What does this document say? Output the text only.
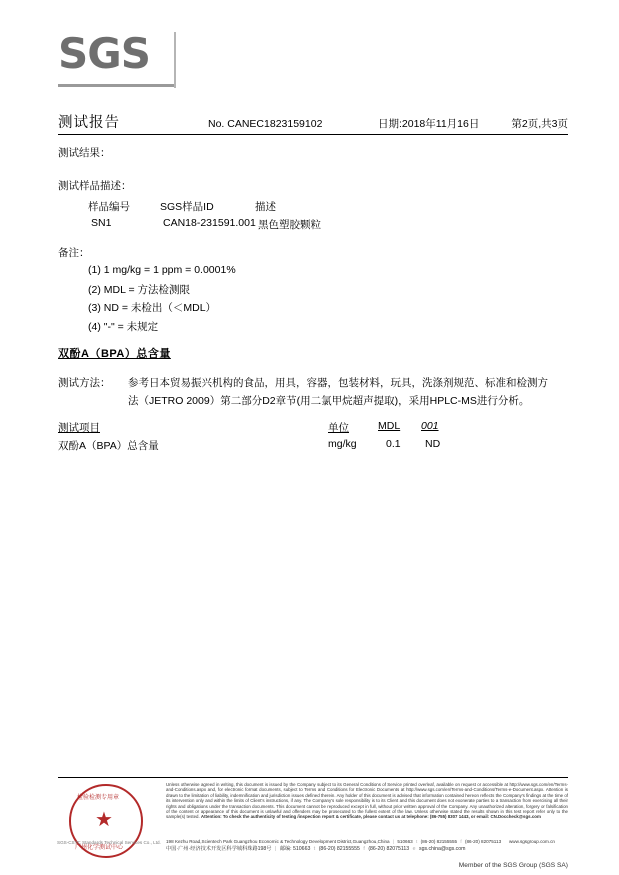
SGS
测试报告	No. CANEC1823159102	日期:2018年11月16日	第2页,共3页
测试结果：
测试样品描述：
样品编号	SGS样品ID	描述
SN1	CAN18-231591.001 黑色塑胶颗粒
备注：
(1) 1 mg/kg = 1 ppm = 0.0001%
(2) MDL = 方法检测限
(3) ND = 未检出（＜MDL）
(4) "-" = 未规定
双酚A（BPA）总含量
测试方法： 参考日本贸易振兴机构的食品，用具，容器，包装材料，玩具，洗涤剂规范、标准和检测方
法（JETRO 2009）第二部分D2章节(用二氯甲烷超声提取)，采用HPLC-MS进行分析。
测试项目	单位	MDL 001
双酚A（BPA）总含量	mg/kg	0.1 ND
检验检测专用章
★
广州化学测试中心
SGS-CSTC Standards Technical Services Co., Ltd.
Unless otherwise agreed in writing, this document is issued by the Company subject to its General Conditions of Service printed overleaf, available on request or accessible at http://www.sgs.com/en/Terms-and-Conditions.aspx and, for electronic format documents, subject to Terms and Conditions for Electronic Documents at http://www.sgs.com/en/Terms-and-Conditions/Terms-e-Document.aspx. Attention is drawn to the limitation of liability, indemnification and jurisdiction issues defined therein. Any holder of this document is advised that information contained hereon reflects the Company's findings at the time of its intervention only and within the limits of Client's instructions, if any. The Company's sole responsibility is to its Client and this document does not exonerate parties to a transaction from exercising all their rights and obligations under the transaction documents. This document cannot be reproduced except in full, without prior written approval of the Company. Any unauthorized alteration, forgery or falsification of the content or appearance of this document is unlawful and offenders may be prosecuted to the fullest extent of the law. Unless otherwise stated the results shown in this test report refer only to the sample(s) tested. Attention: To check the authenticity of testing /inspection report & certificate, please contact us at telephone: (86-755) 8307 1443, or email: CN.Doccheck@sgs.com
198 Kezhu Road,Scientech Park Guangzhou Economic & Technology Development District,Guangzhou,China | 510663 t (86-20) 82155555 f (86-20) 82075113 www.sgsgroup.com.cn
中国·广州·经济技术开发区科学城科珠路198号 | 邮编: 510663 t (86-20) 82155555 f (86-20) 82075113 e sgs.china@sgs.com
Member of the SGS Group (SGS SA)
